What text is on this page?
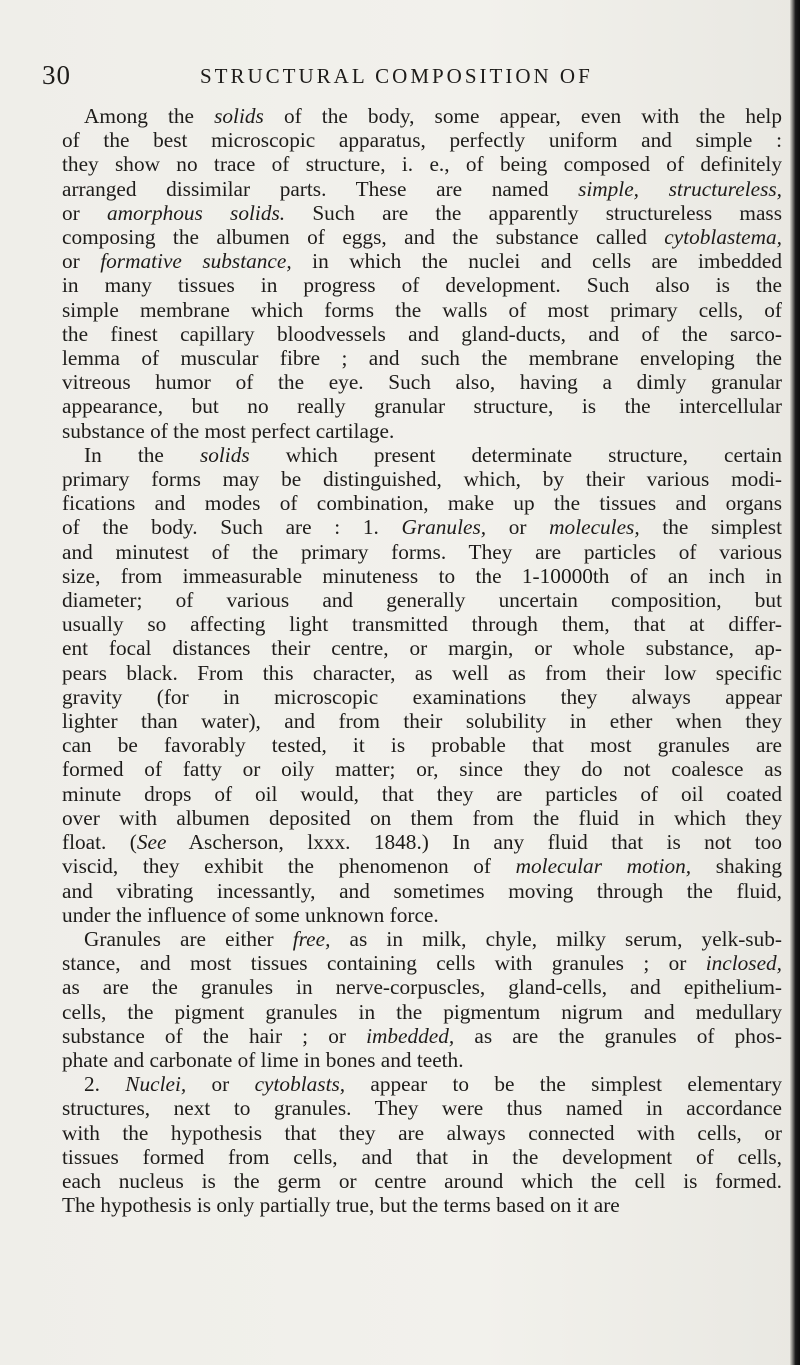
30	STRUCTURAL COMPOSITION OF
Among the solids of the body, some appear, even with the help
of the best microscopic apparatus, perfectly uniform and simple :
they show no trace of structure, i. e., of being composed of definitely
arranged dissimilar parts. These are named simple, structureless,
or amorphous solids. Such are the apparently structureless mass
composing the albumen of eggs, and the substance called cytoblastema,
or formative substance, in which the nuclei and cells are imbedded
in many tissues in progress of development. Such also is the
simple membrane which forms the walls of most primary cells, of
the finest capillary bloodvessels and gland-ducts, and of the sarco-
lemma of muscular fibre ; and such the membrane enveloping the
vitreous humor of the eye. Such also, having a dimly granular
appearance, but no really granular structure, is the intercellular
substance of the most perfect cartilage.
In the solids which present determinate structure, certain
primary forms may be distinguished, which, by their various modi-
fications and modes of combination, make up the tissues and organs
of the body. Such are : 1. Granules, or molecules, the simplest
and minutest of the primary forms. They are particles of various
size, from immeasurable minuteness to the 1-10000th of an inch in
diameter; of various and generally uncertain composition, but
usually so affecting light transmitted through them, that at differ-
ent focal distances their centre, or margin, or whole substance, ap-
pears black. From this character, as well as from their low specific
gravity (for in microscopic examinations they always appear
lighter than water), and from their solubility in ether when they
can be favorably tested, it is probable that most granules are
formed of fatty or oily matter; or, since they do not coalesce as
minute drops of oil would, that they are particles of oil coated
over with albumen deposited on them from the fluid in which they
float. (See Ascherson, lxxx. 1848.) In any fluid that is not too
viscid, they exhibit the phenomenon of molecular motion, shaking
and vibrating incessantly, and sometimes moving through the fluid,
under the influence of some unknown force.
Granules are either free, as in milk, chyle, milky serum, yelk-sub-
stance, and most tissues containing cells with granules ; or inclosed,
as are the granules in nerve-corpuscles, gland-cells, and epithelium-
cells, the pigment granules in the pigmentum nigrum and medullary
substance of the hair ; or imbedded, as are the granules of phos-
phate and carbonate of lime in bones and teeth.
2. Nuclei, or cytoblasts, appear to be the simplest elementary
structures, next to granules. They were thus named in accordance
with the hypothesis that they are always connected with cells, or
tissues formed from cells, and that in the development of cells,
each nucleus is the germ or centre around which the cell is formed.
The hypothesis is only partially true, but the terms based on it are
